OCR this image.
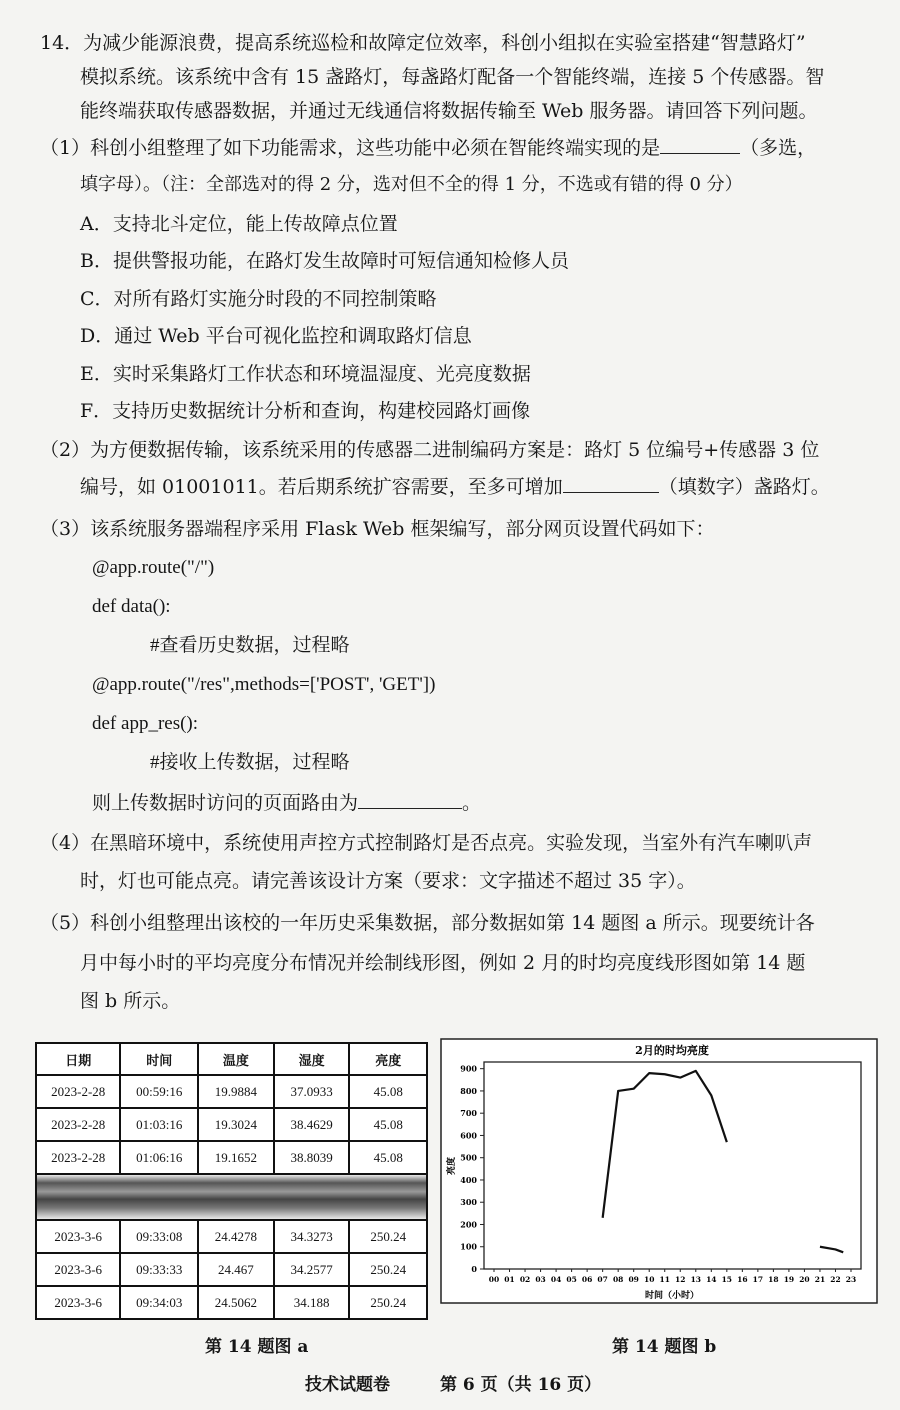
14．为减少能源浪费，提高系统巡检和故障定位效率，科创小组拟在实验室搭建“智慧路灯”
模拟系统。该系统中含有 15 盏路灯，每盏路灯配备一个智能终端，连接 5 个传感器。智
能终端获取传感器数据，并通过无线通信将数据传输至 Web 服务器。请回答下列问题。
（1）科创小组整理了如下功能需求，这些功能中必须在智能终端实现的是	（多选，
填字母）。（注：全部选对的得 2 分，选对但不全的得 1 分，不选或有错的得 0 分）
A．支持北斗定位，能上传故障点位置
B．提供警报功能，在路灯发生故障时可短信通知检修人员
C．对所有路灯实施分时段的不同控制策略
D．通过 Web 平台可视化监控和调取路灯信息
E．实时采集路灯工作状态和环境温湿度、光亮度数据
F．支持历史数据统计分析和查询，构建校园路灯画像
（2）为方便数据传输，该系统采用的传感器二进制编码方案是：路灯 5 位编号+传感器 3 位
编号，如 01001011。若后期系统扩容需要，至多可增加	（填数字）盏路灯。
（3）该系统服务器端程序采用 Flask Web 框架编写，部分网页设置代码如下：
@app.route("/")
def data():
#查看历史数据，过程略
@app.route("/res",methods=['POST', 'GET'])
def app_res():
#接收上传数据，过程略
则上传数据时访问的页面路由为	。
（4）在黑暗环境中，系统使用声控方式控制路灯是否点亮。实验发现，当室外有汽车喇叭声
时，灯也可能点亮。请完善该设计方案（要求：文字描述不超过 35 字）。
（5）科创小组整理出该校的一年历史采集数据，部分数据如第 14 题图 a 所示。现要统计各
月中每小时的平均亮度分布情况并绘制线形图，例如 2 月的时均亮度线形图如第 14 题
图 b 所示。
日期	时间	温度	湿度	亮度
2023-2-28	00:59:16	19.9884	37.0933	45.08
2023-2-28	01:03:16	19.3024	38.4629	45.08
2023-2-28	01:06:16	19.1652	38.8039	45.08

2023-3-6	09:33:08	24.4278	34.3273	250.24
2023-3-6	09:33:33	24.467	34.2577	250.24
2023-3-6	09:34:03	24.5062	34.188	250.24
2月的时均亮度
时间（小时）
亮度
0
100
200
300
400
500
600
700
800
900
00 01 02 03 04 05 06 07 08 09 10 11 12 13 14 15 16 17 18 19 20 21 22 23
第 14 题图 a	第 14 题图 b
技术试题卷	第 6 页（共 16 页）
